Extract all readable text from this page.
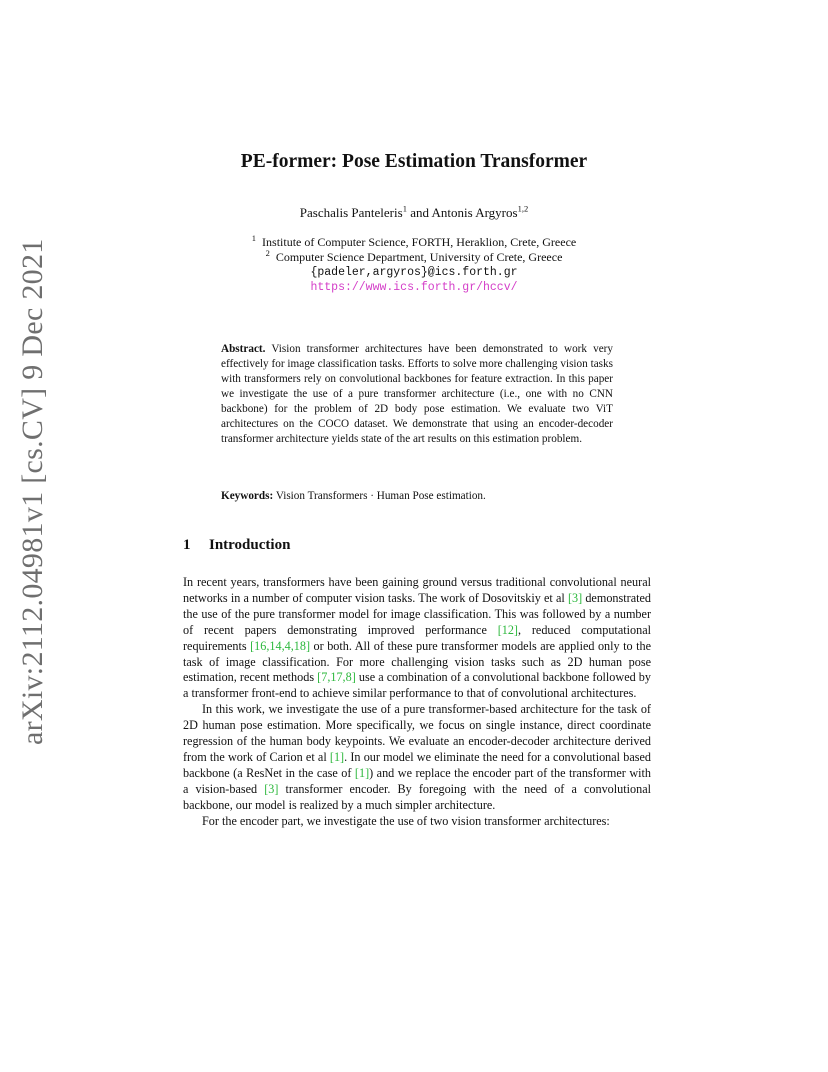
arXiv:2112.04981v1 [cs.CV] 9 Dec 2021
PE-former: Pose Estimation Transformer
Paschalis Panteleris$^1$ and Antonis Argyros$^{1,2}$
$^1$ Institute of Computer Science, FORTH, Heraklion, Crete, Greece
$^2$ Computer Science Department, University of Crete, Greece
{padeler,argyros}@ics.forth.gr
https://www.ics.forth.gr/hccv/
Abstract. Vision transformer architectures have been demonstrated to work very effectively for image classification tasks. Efforts to solve more challenging vision tasks with transformers rely on convolutional backbones for feature extraction. In this paper we investigate the use of a pure transformer architecture (i.e., one with no CNN backbone) for the problem of 2D body pose estimation. We evaluate two ViT architectures on the COCO dataset. We demonstrate that using an encoder-decoder transformer architecture yields state of the art results on this estimation problem.
Keywords: Vision Transformers · Human Pose estimation.
1 Introduction

In recent years, transformers have been gaining ground versus traditional convolutional neural networks in a number of computer vision tasks. The work of Dosovitskiy et al [3] demonstrated the use of the pure transformer model for image classification. This was followed by a number of recent papers demonstrating improved performance [12], reduced computational requirements [16,14,4,18] or both. All of these pure transformer models are applied only to the task of image classification. For more challenging vision tasks such as 2D human pose estimation, recent methods [7,17,8] use a combination of a convolutional backbone followed by a transformer front-end to achieve similar performance to that of convolutional architectures.

In this work, we investigate the use of a pure transformer-based architecture for the task of 2D human pose estimation. More specifically, we focus on single instance, direct coordinate regression of the human body keypoints. We evaluate an encoder-decoder architecture derived from the work of Carion et al [1]. In our model we eliminate the need for a convolutional based backbone (a ResNet in the case of [1]) and we replace the encoder part of the transformer with a vision-based [3] transformer encoder. By foregoing with the need of a convolutional backbone, our model is realized by a much simpler architecture.

For the encoder part, we investigate the use of two vision transformer architectures:
